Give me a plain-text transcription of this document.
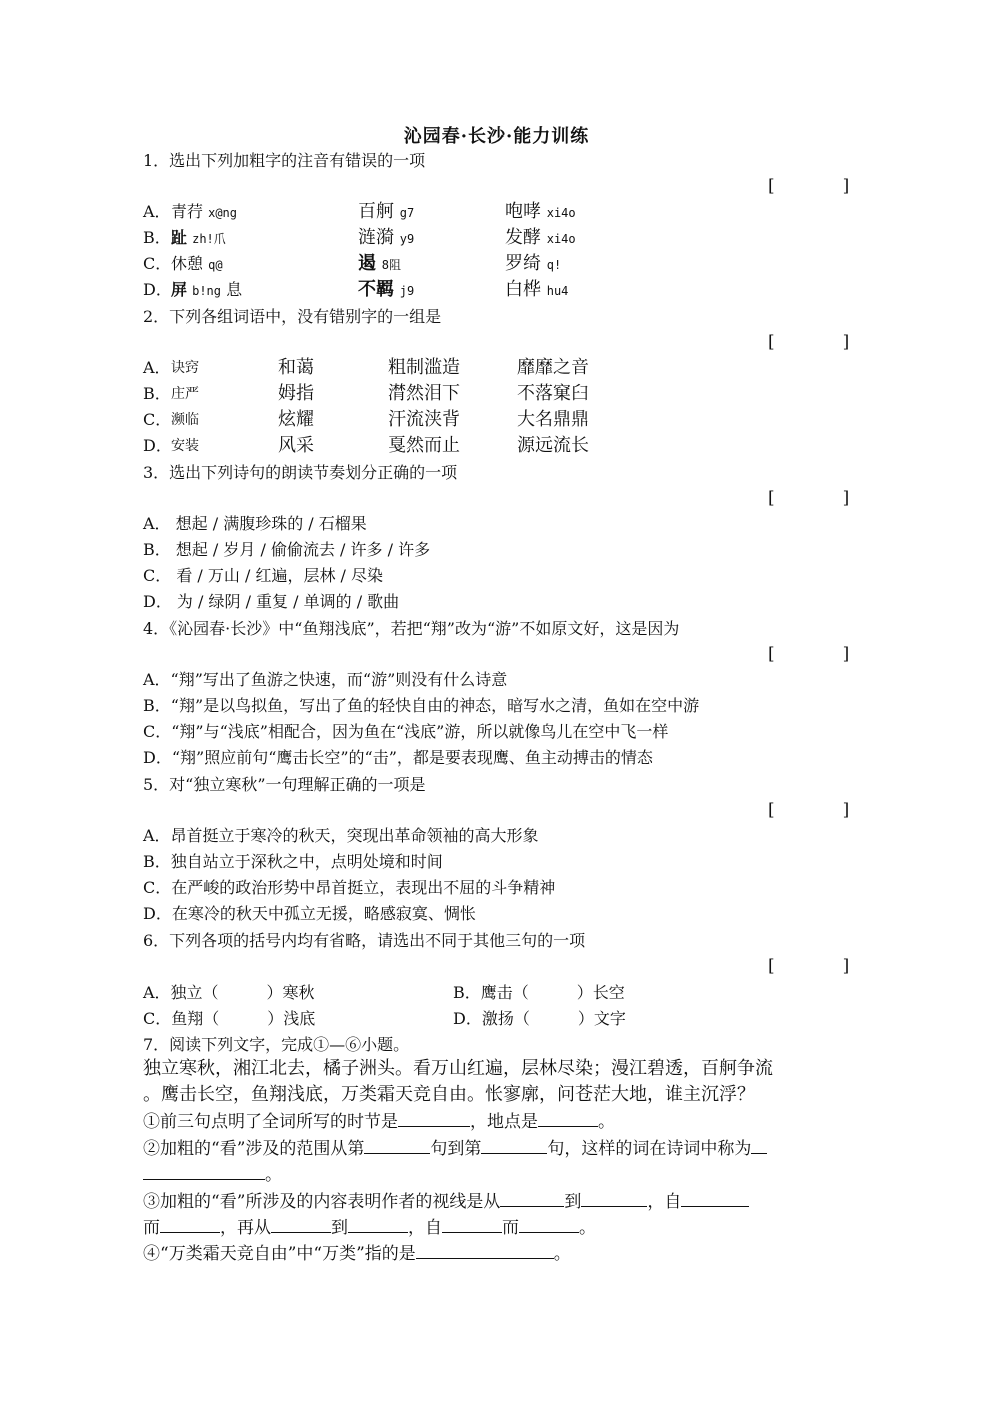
沁园春·长沙·能力训练
1．选出下列加粗字的注音有错误的一项
[　　　　]
A． 青荇 x@ng	百舸 g7	咆哮 xi4o
B． 趾 zh!爪	涟漪 y9	发酵 xi4o
C． 休憩 q@	遏 8阻	罗绮 q!
D． 屏 b!ng 息	不羁 j9	白桦 hu4
2．下列各组词语中，没有错别字的一组是
[　　　　]
A． 诀窍	和蔼	粗制滥造	靡靡之音
B． 庄严	姆指	潸然泪下	不落窠臼
C． 濒临	炫耀	汗流浃背	大名鼎鼎
D． 安装	风采	戛然而止	源远流长
3．选出下列诗句的朗读节奏划分正确的一项
[　　　　]
A． 想起 / 满腹珍珠的 / 石榴果
B． 想起 / 岁月 / 偷偷流去 / 许多 / 许多
C． 看 / 万山 / 红遍，层林 / 尽染
D． 为 / 绿阴 / 重复 / 单调的 / 歌曲
4．《沁园春·长沙》中“鱼翔浅底”，若把“翔”改为“游”不如原文好，这是因为
[　　　　]
A．“翔”写出了鱼游之快速，而“游”则没有什么诗意
B．“翔”是以鸟拟鱼，写出了鱼的轻快自由的神态，暗写水之清，鱼如在空中游
C．“翔”与“浅底”相配合，因为鱼在“浅底”游，所以就像鸟儿在空中飞一样
D．“翔”照应前句“鹰击长空”的“击”，都是要表现鹰、鱼主动搏击的情态
5．对“独立寒秋”一句理解正确的一项是
[　　　　]
A．昂首挺立于寒冷的秋天，突现出革命领袖的高大形象
B．独自站立于深秋之中，点明处境和时间
C．在严峻的政治形势中昂首挺立，表现出不屈的斗争精神
D．在寒冷的秋天中孤立无援，略感寂寞、惆怅
6．下列各项的括号内均有省略，请选出不同于其他三句的一项
[　　　　]
A．独立（　　　）寒秋	B．鹰击（　　　）长空
C．鱼翔（　　　）浅底	D．激扬（　　　）文字
7．阅读下列文字，完成①—⑥小题。
独立寒秋，湘江北去，橘子洲头。看万山红遍，层林尽染；漫江碧透，百舸争流
。鹰击长空，鱼翔浅底，万类霜天竞自由。怅寥廓，问苍茫大地，谁主沉浮？
①前三句点明了全词所写的时节是	，地点是	。
②加粗的“看”涉及的范围从第	句到第	句，这样的词在诗词中称为
。
③加粗的“看”所涉及的内容表明作者的视线是从	到	，自
而	，再从	到	，自	而	。
④“万类霜天竞自由”中“万类”指的是	。
